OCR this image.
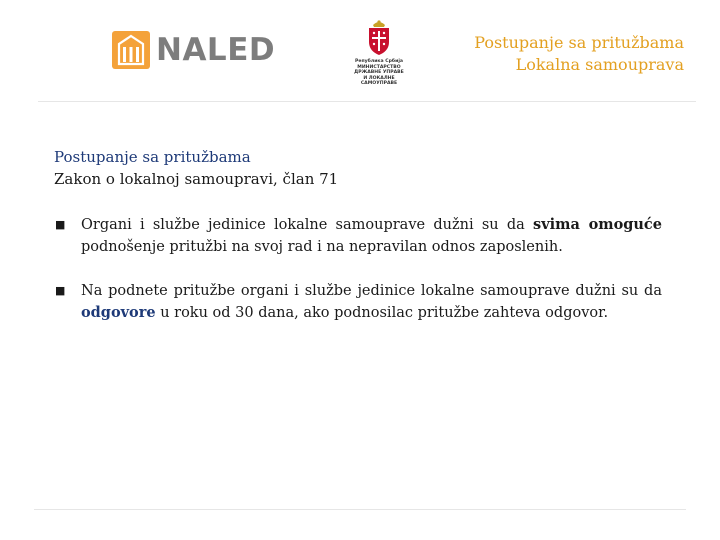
NALED	Република Србија
МИНИСТАРСТВО
ДРЖАВНЕ УПРАВЕ
И ЛОКАЛНЕ
САМОУПРАВЕ
Postupanje sa pritužbama
Lokalna samouprava
Postupanje sa pritužbama
Zakon o lokalnoj samoupravi, član 71
■ Organi i službe jedinice lokalne samouprave dužni su da svima omoguće podnošenje pritužbi na svoj rad i na nepravilan odnos zaposlenih.
■ Na podnete pritužbe organi i službe jedinice lokalne samouprave dužni su da odgovore u roku od 30 dana, ako podnosilac pritužbe zahteva odgovor.
